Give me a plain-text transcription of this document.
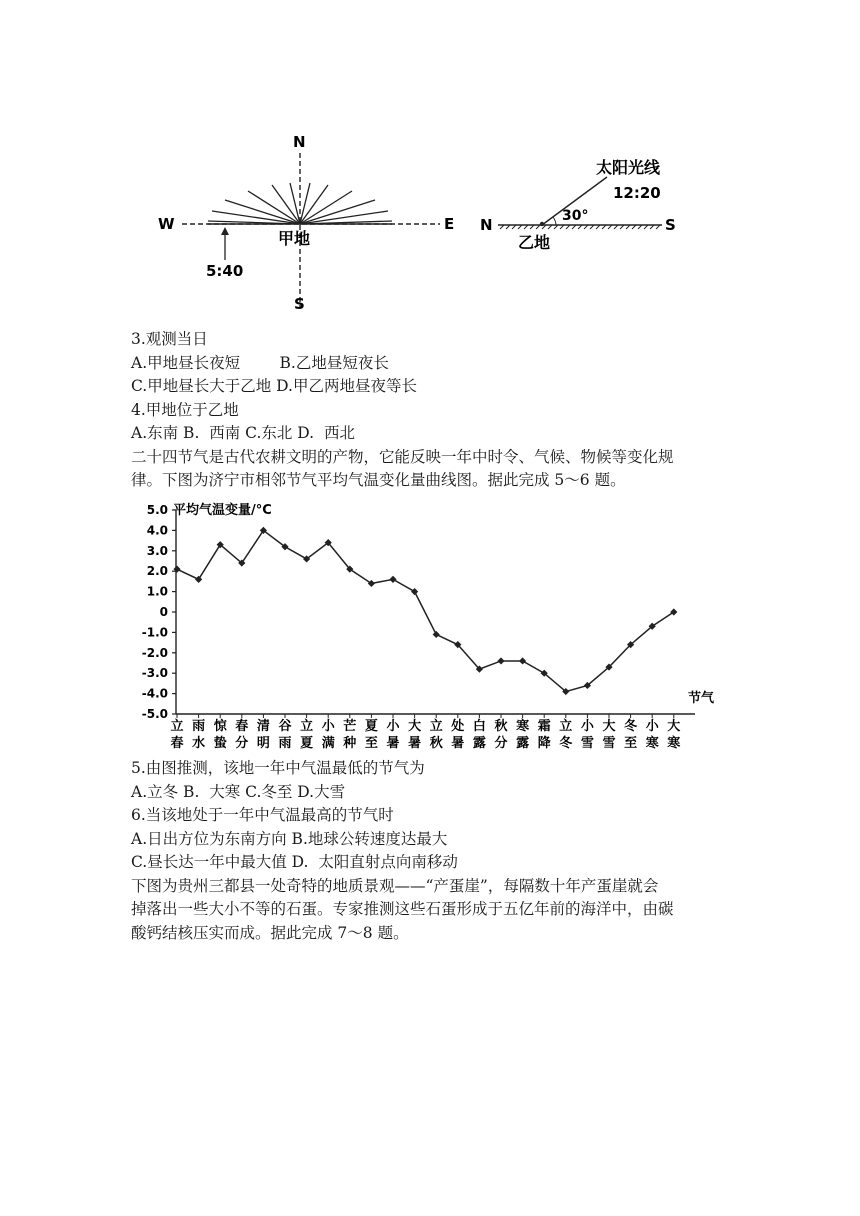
N
S
W	E
甲地
5:40
N	S
太阳光线
12:20
30°
乙地

3.观测当日

A.甲地昼长夜短        B.乙地昼短夜长

C.甲地昼长大于乙地 D.甲乙两地昼夜等长

4.甲地位于乙地

A.东南 B.  西南 C.东北 D.  西北

二十四节气是古代农耕文明的产物，它能反映一年中时令、气候、物候等变化规

律。下图为济宁市相邻节气平均气温变化量曲线图。据此完成 5～6 题。

平均气温变量/°C
节气
5.0
4.0
3.0
2.0
1.0
0
-1.0
-2.0
-3.0
-4.0
-5.0
立
春
雨
水
惊
蛰
春
分
清
明
谷
雨
立
夏
小
满
芒
种
夏
至
小
暑
大
暑
立
秋
处
暑
白
露
秋
分
寒
露
霜
降
立
冬
小
雪
大
雪
冬
至
小
寒
大
寒

5.由图推测，该地一年中气温最低的节气为

A.立冬 B.  大寒 C.冬至 D.大雪

6.当该地处于一年中气温最高的节气时

A.日出方位为东南方向 B.地球公转速度达最大

C.昼长达一年中最大值 D.  太阳直射点向南移动

下图为贵州三都县一处奇特的地质景观——“产蛋崖”，每隔数十年产蛋崖就会

掉落出一些大小不等的石蛋。专家推测这些石蛋形成于五亿年前的海洋中，由碳

酸钙结核压实而成。据此完成 7～8 题。
